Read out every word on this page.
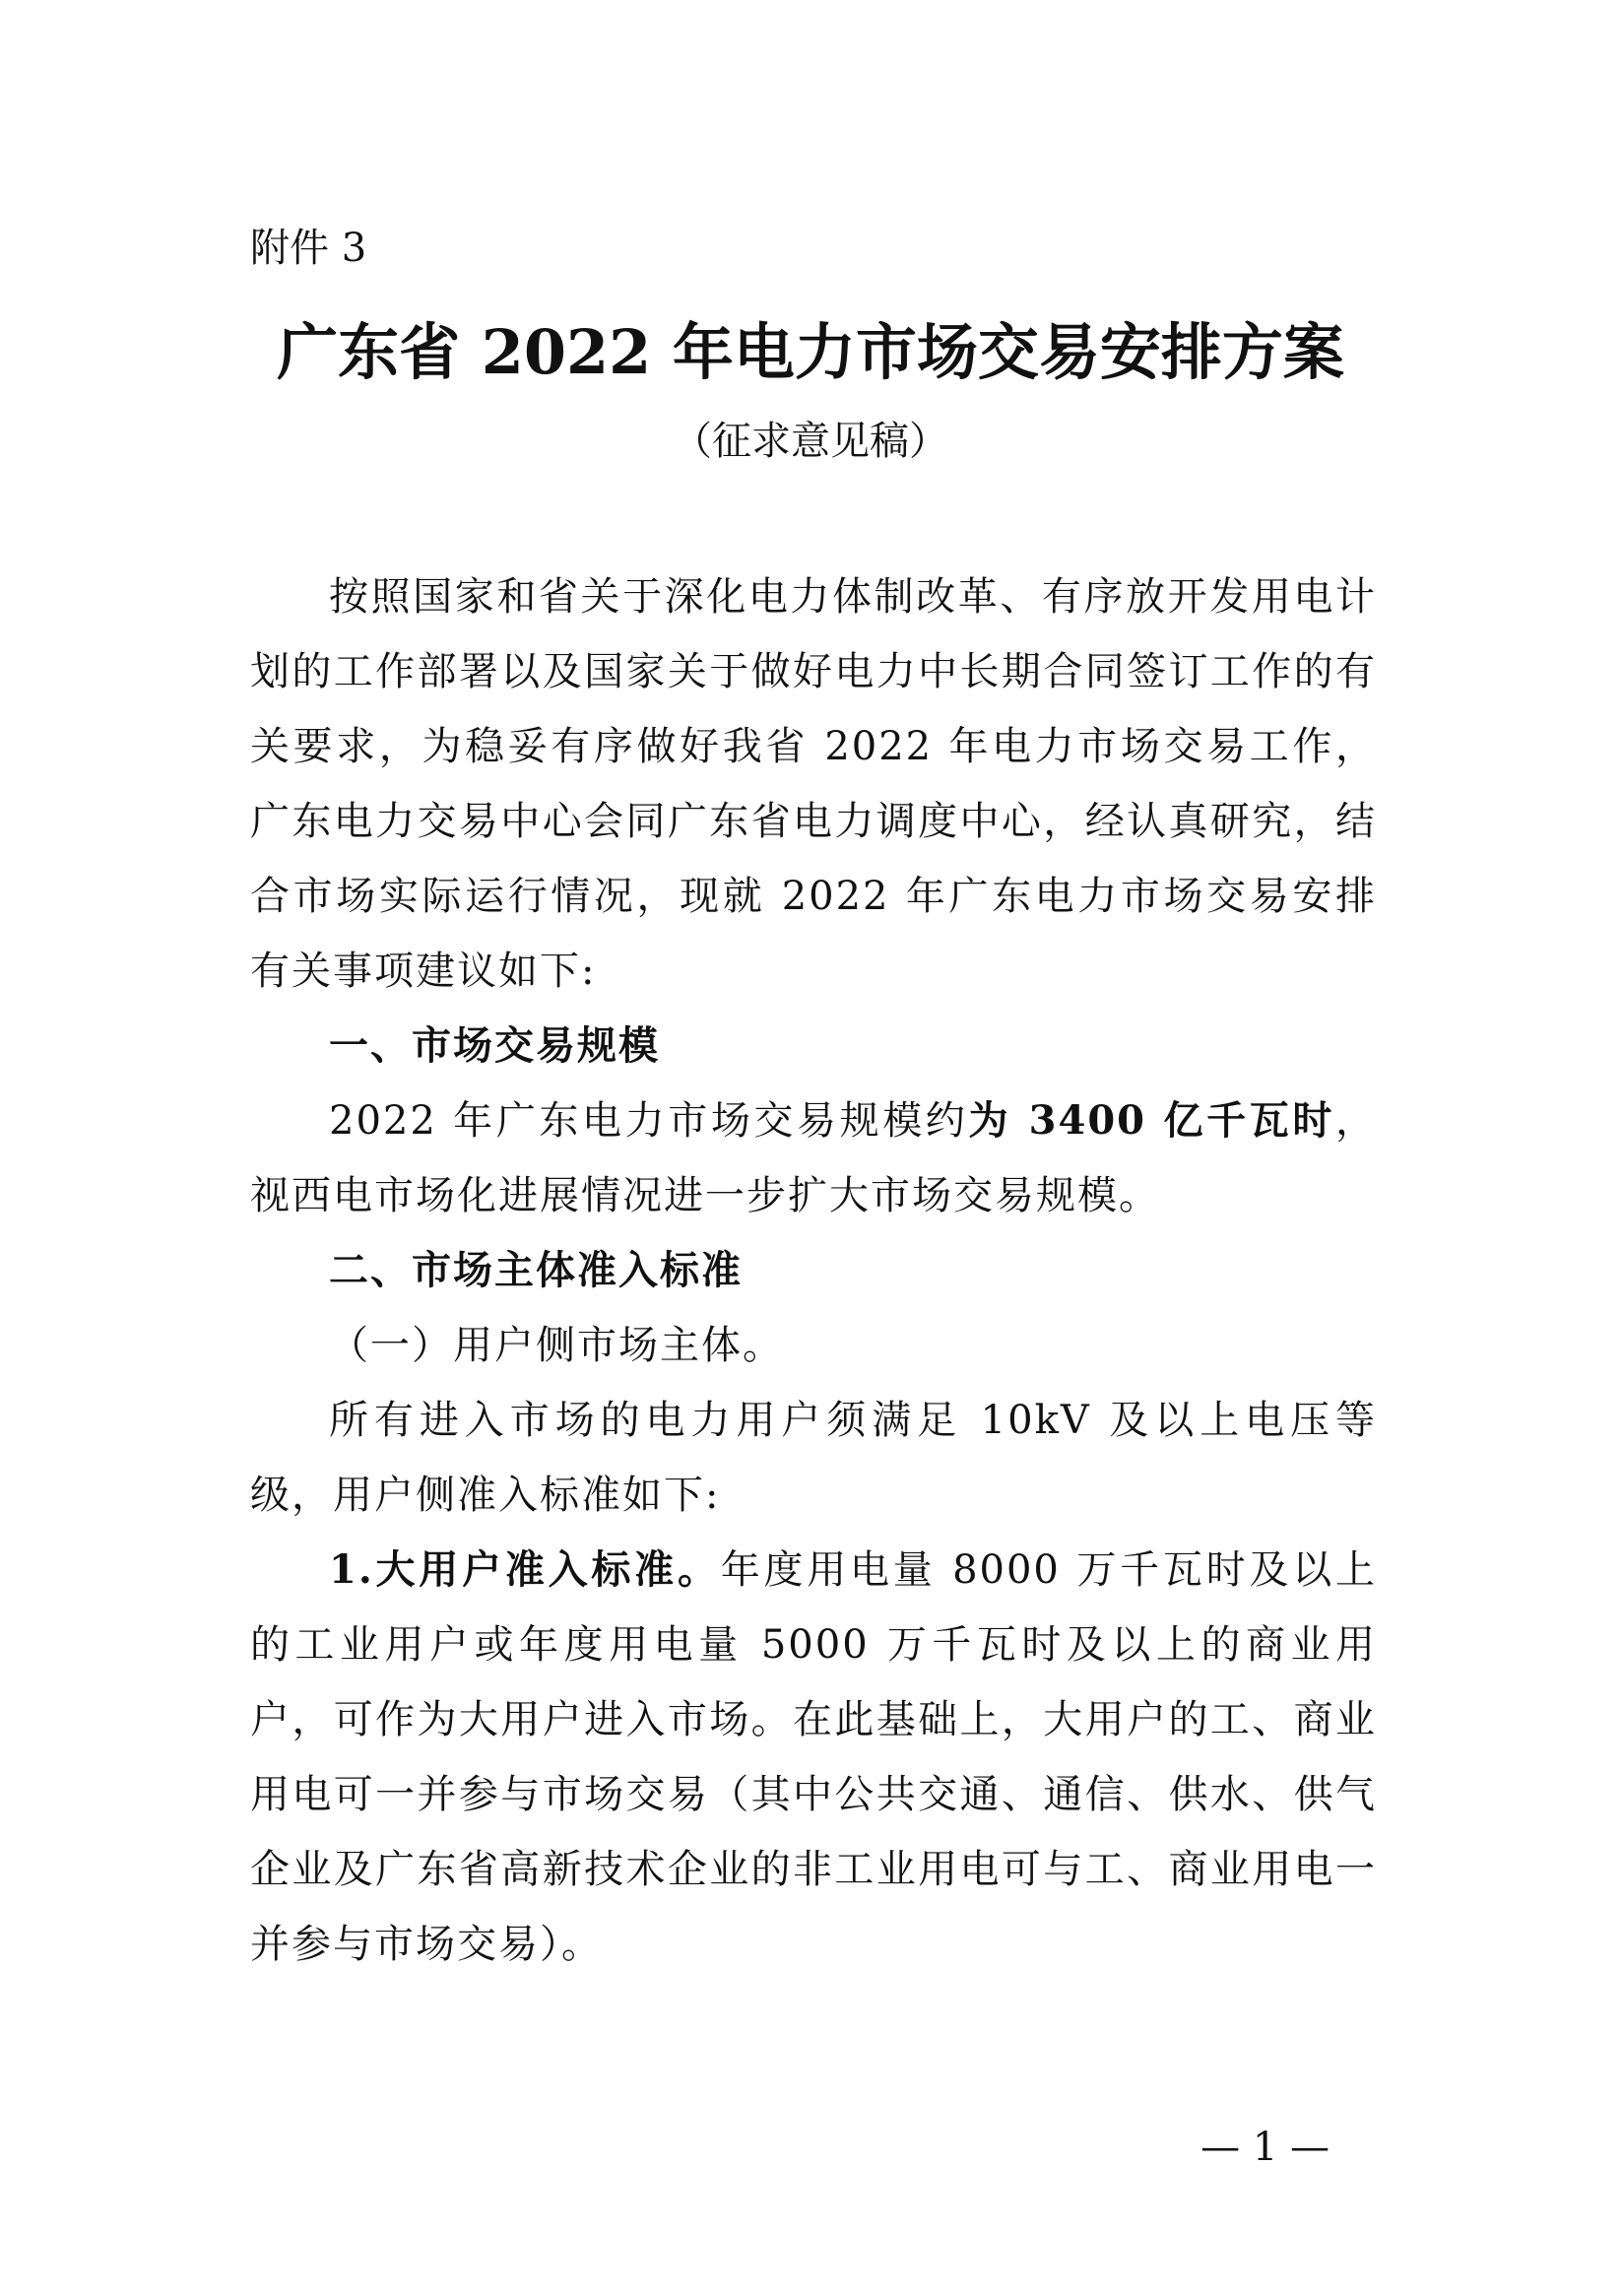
附件 3
广东省 2022 年电力市场交易安排方案
（征求意见稿）

按照国家和省关于深化电力体制改革、有序放开发用电计划的工作部署以及国家关于做好电力中长期合同签订工作的有关要求，为稳妥有序做好我省 2022 年电力市场交易工作，广东电力交易中心会同广东省电力调度中心，经认真研究，结合市场实际运行情况，现就 2022 年广东电力市场交易安排有关事项建议如下:

一、市场交易规模

2022 年广东电力市场交易规模约为 3400 亿千瓦时，视西电市场化进展情况进一步扩大市场交易规模。

二、市场主体准入标准

（一）用户侧市场主体。

所有进入市场的电力用户须满足 10kV 及以上电压等级，用户侧准入标准如下:

1.大用户准入标准。年度用电量 8000 万千瓦时及以上的工业用户或年度用电量 5000 万千瓦时及以上的商业用户，可作为大用户进入市场。在此基础上，大用户的工、商业用电可一并参与市场交易（其中公共交通、通信、供水、供气企业及广东省高新技术企业的非工业用电可与工、商业用电一并参与市场交易）。

— 1 —
